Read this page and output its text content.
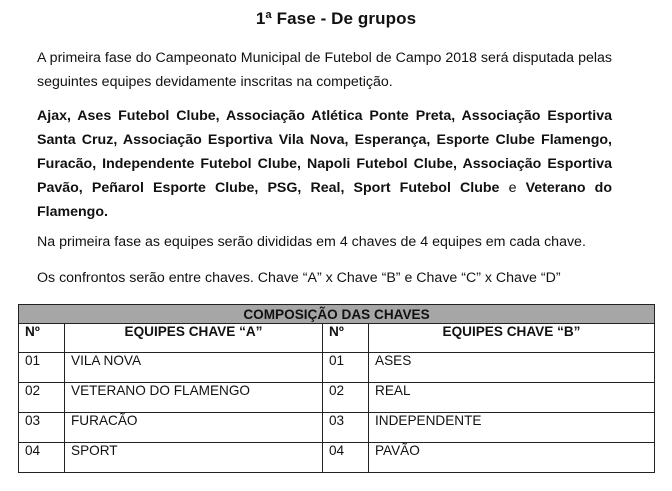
1ª Fase - De grupos
A primeira fase do Campeonato Municipal de Futebol de Campo 2018 será disputada pelas seguintes equipes devidamente inscritas na competição.
Ajax, Ases Futebol Clube, Associação Atlética Ponte Preta, Associação Esportiva Santa Cruz, Associação Esportiva Vila Nova, Esperança, Esporte Clube Flamengo, Furacão, Independente Futebol Clube, Napoli Futebol Clube, Associação Esportiva Pavão, Peñarol Esporte Clube, PSG, Real, Sport Futebol Clube e Veterano do Flamengo.
Na primeira fase as equipes serão divididas em 4 chaves de 4 equipes em cada chave.
Os confrontos serão entre chaves. Chave “A” x Chave “B” e Chave “C” x Chave “D”
COMPOSIÇÃO DAS CHAVES			
Nº	EQUIPES CHAVE “A”	Nº	EQUIPES CHAVE “B”
01	VILA NOVA	01	ASES
02	VETERANO DO FLAMENGO	02	REAL
03	FURACÃO	03	INDEPENDENTE
04	SPORT	04	PAVÃO
